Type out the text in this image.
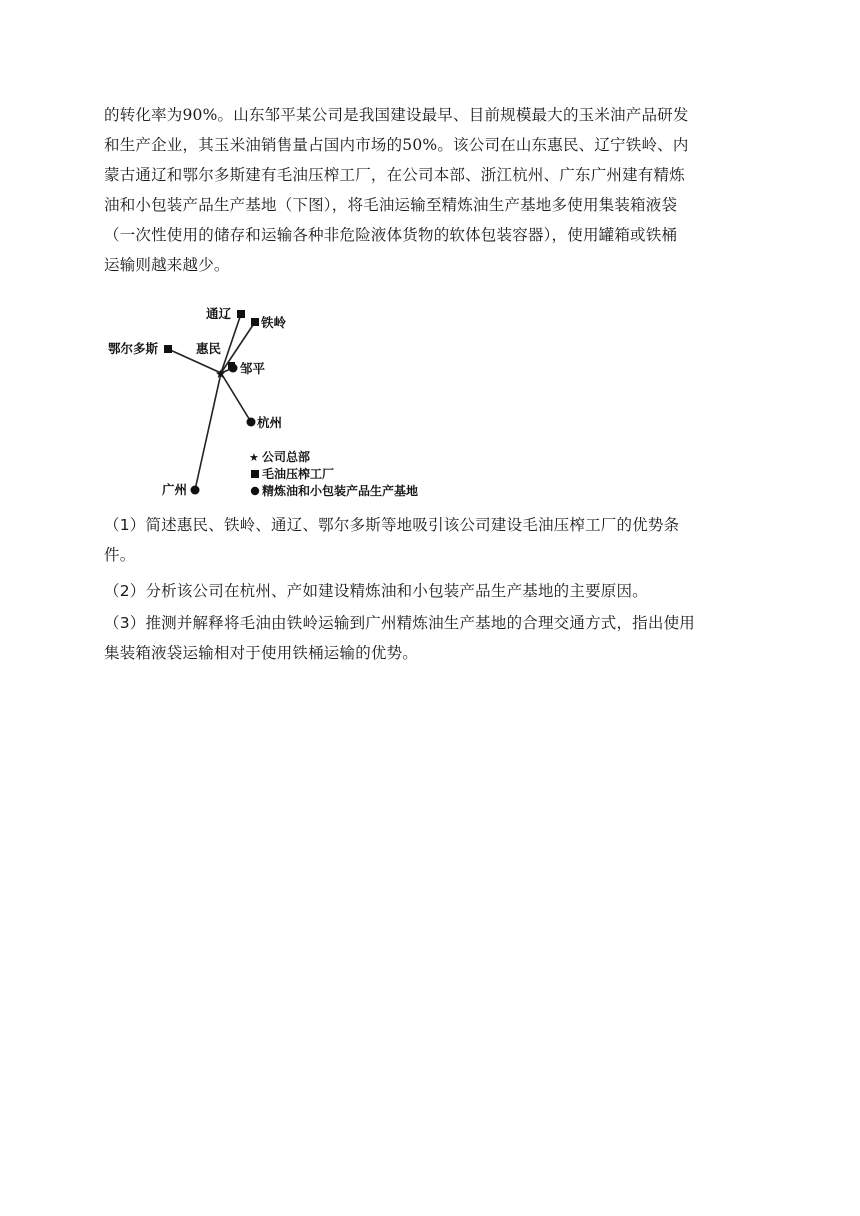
的转化率为90%。山东邹平某公司是我国建设最早、目前规模最大的玉米油产品研发
和生产企业，其玉米油销售量占国内市场的50%。该公司在山东惠民、辽宁铁岭、内
蒙古通辽和鄂尔多斯建有毛油压榨工厂，在公司本部、浙江杭州、广东广州建有精炼
油和小包装产品生产基地（下图），将毛油运输至精炼油生产基地多使用集装箱液袋
（一次性使用的储存和运输各种非危险液体货物的软体包装容器），使用罐箱或铁桶
运输则越来越少。
★
通辽
铁岭
鄂尔多斯	惠民
邹平
杭州
广州
★ 公司总部
毛油压榨工厂
精炼油和小包装产品生产基地
（1）简述惠民、铁岭、通辽、鄂尔多斯等地吸引该公司建设毛油压榨工厂的优势条
件。
（2）分析该公司在杭州、产如建设精炼油和小包装产品生产基地的主要原因。
（3）推测并解释将毛油由铁岭运输到广州精炼油生产基地的合理交通方式，指出使用
集装箱液袋运输相对于使用铁桶运输的优势。
